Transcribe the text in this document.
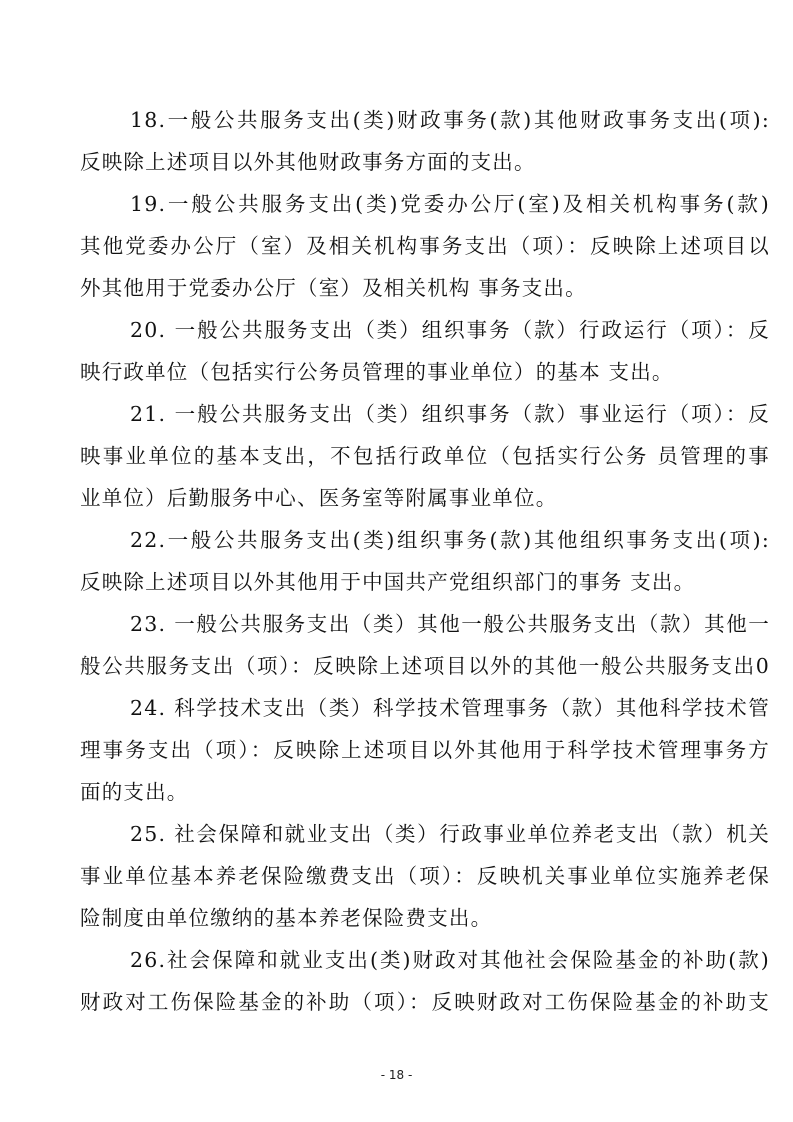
18.一般公共服务支出(类)财政事务(款)其他财政事务支出(项):
反映除上述项目以外其他财政事务方面的支出。
19.一般公共服务支出(类)党委办公厅(室)及相关机构事务(款)
其他党委办公厅（室）及相关机构事务支出（项）：反映除上述项目以
外其他用于党委办公厅（室）及相关机构 事务支出。
20. 一般公共服务支出（类）组织事务（款）行政运行（项）：反
映行政单位（包括实行公务员管理的事业单位）的基本 支出。
21. 一般公共服务支出（类）组织事务（款）事业运行（项）：反
映事业单位的基本支出，不包括行政单位（包括实行公务 员管理的事
业单位）后勤服务中心、医务室等附属事业单位。
22.一般公共服务支出(类)组织事务(款)其他组织事务支出(项):
反映除上述项目以外其他用于中国共产党组织部门的事务 支出。
23. 一般公共服务支出（类）其他一般公共服务支出（款）其他一
般公共服务支出（项）：反映除上述项目以外的其他一般公共服务支出0
24. 科学技术支出（类）科学技术管理事务（款）其他科学技术管
理事务支出（项）：反映除上述项目以外其他用于科学技术管理事务方
面的支出。
25. 社会保障和就业支出（类）行政事业单位养老支出（款）机关
事业单位基本养老保险缴费支出（项）：反映机关事业单位实施养老保
险制度由单位缴纳的基本养老保险费支出。
26.社会保障和就业支出(类)财政对其他社会保险基金的补助(款)
财政对工伤保险基金的补助（项）：反映财政对工伤保险基金的补助支
- 18 -
